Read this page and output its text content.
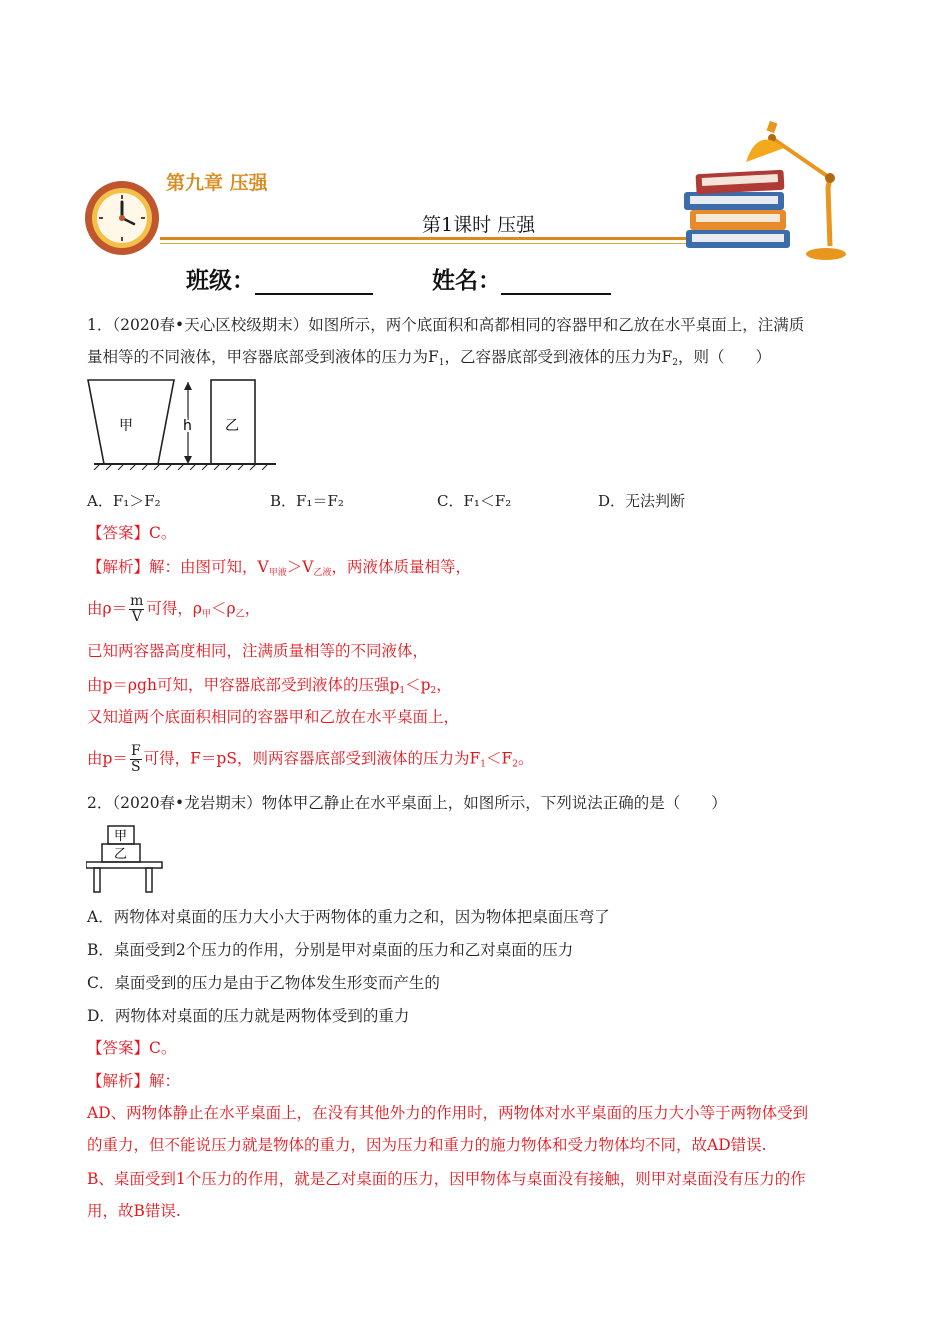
第九章 压强
第1课时 压强
班级：	姓名：
1．（2020春•天心区校级期末）如图所示，两个底面积和高都相同的容器甲和乙放在水平桌面上，注满质
量相等的不同液体，甲容器底部受到液体的压力为$F_1$，乙容器底部受到液体的压力为$F_2$，则（　　）
甲	h 乙
A．F₁＞F₂	B．F₁＝F₂	C．F₁＜F₂	D．无法判断
【答案】C。
【解析】解：由图可知，$V_{甲液}>V_{乙液}$，两液体质量相等，
由$\rho= \frac{m}{V}$ 可得，$\rho_甲<\rho_乙$，
已知两容器高度相同，注满质量相等的不同液体，
由p＝ρgh可知，甲容器底部受到液体的压强$p_1<p_2$，
又知道两个底面积相同的容器甲和乙放在水平桌面上，
由$p= \frac{F}{S}$ 可得，F＝pS，则两容器底部受到液体的压力为$F_1<F_2$。
2．（2020春•龙岩期末）物体甲乙静止在水平桌面上，如图所示，下列说法正确的是（　　）
甲
乙
A．两物体对桌面的压力大小大于两物体的重力之和，因为物体把桌面压弯了
B．桌面受到2个压力的作用，分别是甲对桌面的压力和乙对桌面的压力
C．桌面受到的压力是由于乙物体发生形变而产生的
D．两物体对桌面的压力就是两物体受到的重力
【答案】C。
【解析】解：
AD、两物体静止在水平桌面上，在没有其他外力的作用时，两物体对水平桌面的压力大小等于两物体受到
的重力，但不能说压力就是物体的重力，因为压力和重力的施力物体和受力物体均不同，故AD错误.
B、桌面受到1个压力的作用，就是乙对桌面的压力，因甲物体与桌面没有接触，则甲对桌面没有压力的作
用，故B错误.
